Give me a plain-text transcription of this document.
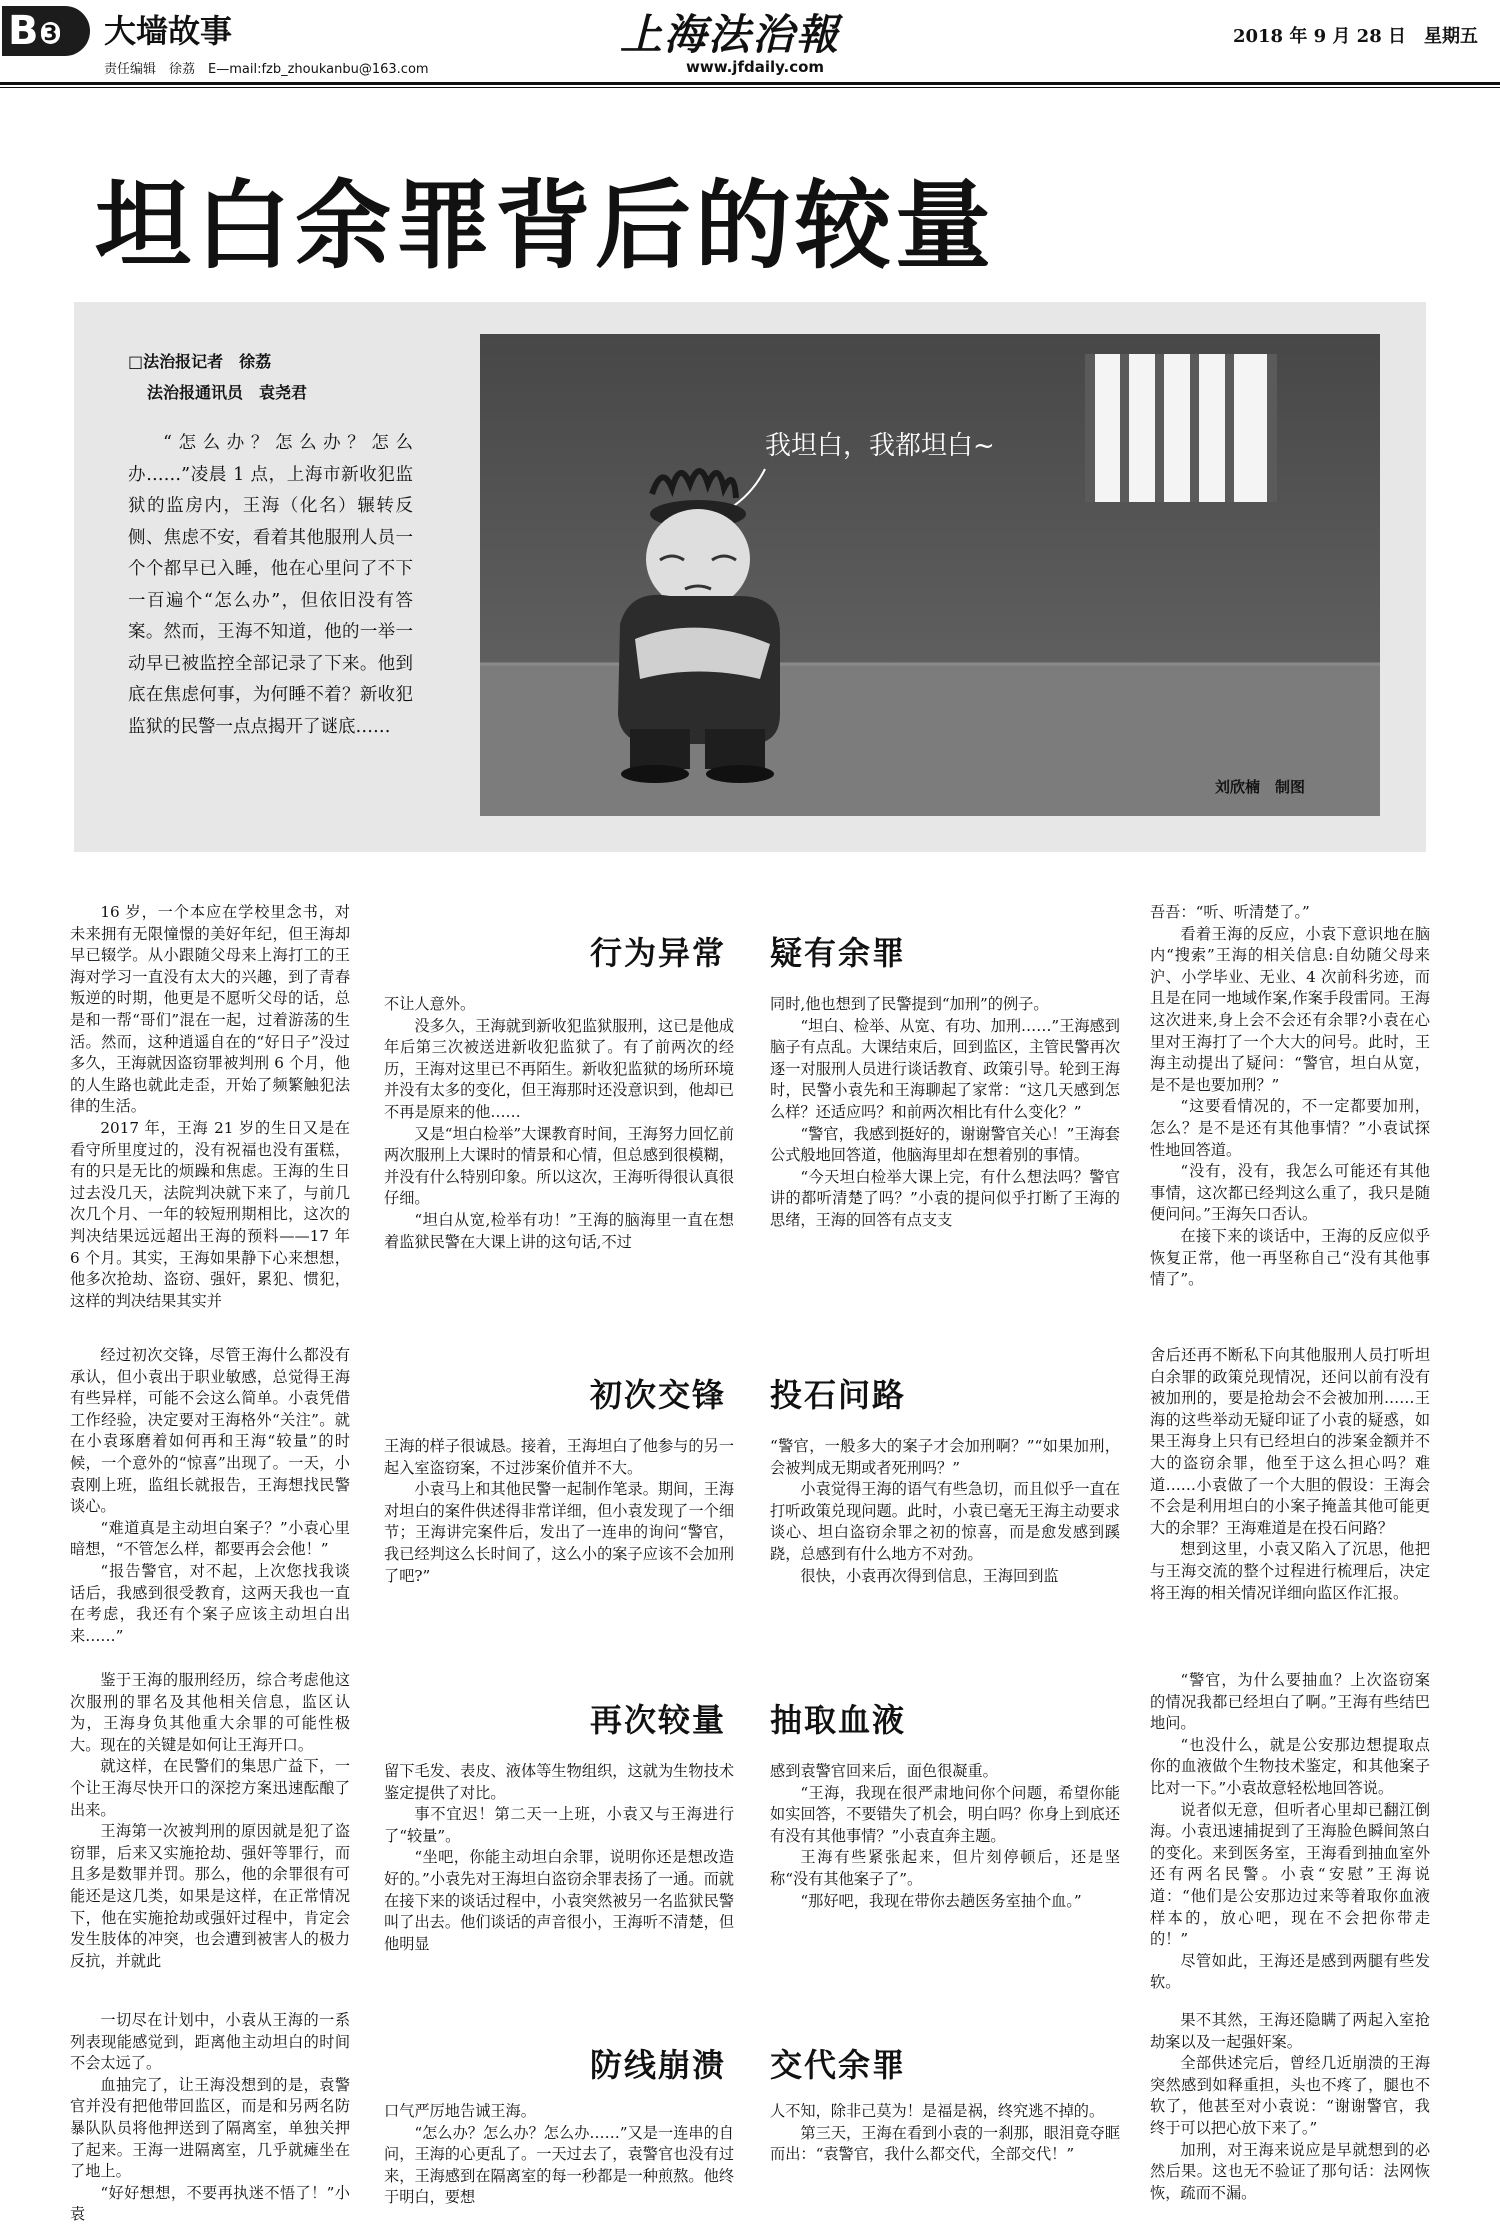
B 3	大墙故事
责任编辑　徐荔　E—mail:fzb_zhoukanbu@163.com
上海法治報
www.jfdaily.com
2018 年 9 月 28 日　星期五
坦白余罪背后的较量
□法治报记者　徐荔
法治报通讯员　袁尧君
“怎么办？怎么办？怎么办……”凌晨 1 点，上海市新收犯监狱的监房内，王海（化名）辗转反侧、焦虑不安，看着其他服刑人员一个个都早已入睡，他在心里问了不下一百遍个“怎么办”，但依旧没有答案。然而，王海不知道，他的一举一动早已被监控全部记录了下来。他到底在焦虑何事，为何睡不着？新收犯监狱的民警一点点揭开了谜底……
我坦白，我都坦白~
刘欣楠　制图
行为异常 疑有余罪

16 岁，一个本应在学校里念书，对未来拥有无限憧憬的美好年纪，但王海却早已辍学。从小跟随父母来上海打工的王海对学习一直没有太大的兴趣，到了青春叛逆的时期，他更是不愿听父母的话，总是和一帮“哥们”混在一起，过着游荡的生活。然而，这种逍遥自在的“好日子”没过多久，王海就因盗窃罪被判刑 6 个月，他的人生路也就此走歪，开始了频繁触犯法律的生活。

2017 年，王海 21 岁的生日又是在看守所里度过的，没有祝福也没有蛋糕，有的只是无比的烦躁和焦虑。王海的生日过去没几天，法院判决就下来了，与前几次几个月、一年的较短刑期相比，这次的判决结果远远超出王海的预料——17 年 6 个月。其实，王海如果静下心来想想，他多次抢劫、盗窃、强奸，累犯、惯犯，这样的判决结果其实并

不让人意外。

没多久，王海就到新收犯监狱服刑，这已是他成年后第三次被送进新收犯监狱了。有了前两次的经历，王海对这里已不再陌生。新收犯监狱的场所环境并没有太多的变化，但王海那时还没意识到，他却已不再是原来的他……

又是“坦白检举”大课教育时间，王海努力回忆前两次服刑上大课时的情景和心情，但总感到很模糊，并没有什么特别印象。所以这次，王海听得很认真很仔细。

“坦白从宽,检举有功！”王海的脑海里一直在想着监狱民警在大课上讲的这句话,不过

同时,他也想到了民警提到“加刑”的例子。

“坦白、检举、从宽、有功、加刑……”王海感到脑子有点乱。大课结束后，回到监区，主管民警再次逐一对服刑人员进行谈话教育、政策引导。轮到王海时，民警小袁先和王海聊起了家常：“这几天感到怎么样？还适应吗？和前两次相比有什么变化？”

“警官，我感到挺好的，谢谢警官关心！”王海套公式般地回答道，他脑海里却在想着别的事情。

“今天坦白检举大课上完，有什么想法吗？警官讲的都听清楚了吗？”小袁的提问似乎打断了王海的思绪，王海的回答有点支支

吾吾：“听、听清楚了。”

看着王海的反应，小袁下意识地在脑内“搜索”王海的相关信息:自幼随父母来沪、小学毕业、无业、4 次前科劣迹，而且是在同一地域作案,作案手段雷同。王海这次进来,身上会不会还有余罪?小袁在心里对王海打了一个大大的问号。此时，王海主动提出了疑问：“警官，坦白从宽，是不是也要加刑？”

“这要看情况的，不一定都要加刑，怎么？是不是还有其他事情？”小袁试探性地回答道。

“没有，没有，我怎么可能还有其他事情，这次都已经判这么重了，我只是随便问问。”王海矢口否认。

在接下来的谈话中，王海的反应似乎恢复正常，他一再坚称自己“没有其他事情了”。

初次交锋 投石问路

经过初次交锋，尽管王海什么都没有承认，但小袁出于职业敏感，总觉得王海有些异样，可能不会这么简单。小袁凭借工作经验，决定要对王海格外“关注”。就在小袁琢磨着如何再和王海“较量”的时候，一个意外的“惊喜”出现了。一天，小袁刚上班，监组长就报告，王海想找民警谈心。

“难道真是主动坦白案子？”小袁心里暗想，“不管怎么样，都要再会会他！”

“报告警官，对不起，上次您找我谈话后，我感到很受教育，这两天我也一直在考虑，我还有个案子应该主动坦白出来……”

王海的样子很诚恳。接着，王海坦白了他参与的另一起入室盗窃案，不过涉案价值并不大。

小袁马上和其他民警一起制作笔录。期间，王海对坦白的案件供述得非常详细，但小袁发现了一个细节；王海讲完案件后，发出了一连串的询问“警官，我已经判这么长时间了，这么小的案子应该不会加刑了吧?”

“警官，一般多大的案子才会加刑啊？”“如果加刑，会被判成无期或者死刑吗？”

小袁觉得王海的语气有些急切，而且似乎一直在打听政策兑现问题。此时，小袁已毫无王海主动要求谈心、坦白盗窃余罪之初的惊喜，而是愈发感到蹊跷，总感到有什么地方不对劲。

很快，小袁再次得到信息，王海回到监

舍后还再不断私下向其他服刑人员打听坦白余罪的政策兑现情况，还问以前有没有被加刑的，要是抢劫会不会被加刑……王海的这些举动无疑印证了小袁的疑惑，如果王海身上只有已经坦白的涉案金额并不大的盗窃余罪，他至于这么担心吗？难道……小袁做了一个大胆的假设：王海会不会是利用坦白的小案子掩盖其他可能更大的余罪？王海难道是在投石问路？

想到这里，小袁又陷入了沉思，他把与王海交流的整个过程进行梳理后，决定将王海的相关情况详细向监区作汇报。

再次较量 抽取血液

鉴于王海的服刑经历，综合考虑他这次服刑的罪名及其他相关信息，监区认为，王海身负其他重大余罪的可能性极大。现在的关键是如何让王海开口。

就这样，在民警们的集思广益下，一个让王海尽快开口的深挖方案迅速酝酿了出来。

王海第一次被判刑的原因就是犯了盗窃罪，后来又实施抢劫、强奸等罪行，而且多是数罪并罚。那么，他的余罪很有可能还是这几类，如果是这样，在正常情况下，他在实施抢劫或强奸过程中，肯定会发生肢体的冲突，也会遭到被害人的极力反抗，并就此

留下毛发、表皮、液体等生物组织，这就为生物技术鉴定提供了对比。

事不宜迟！第二天一上班，小袁又与王海进行了“较量”。

“坐吧，你能主动坦白余罪，说明你还是想改造好的。”小袁先对王海坦白盗窃余罪表扬了一通。而就在接下来的谈话过程中，小袁突然被另一名监狱民警叫了出去。他们谈话的声音很小，王海听不清楚，但他明显

感到袁警官回来后，面色很凝重。

“王海，我现在很严肃地问你个问题，希望你能如实回答，不要错失了机会，明白吗？你身上到底还有没有其他事情？”小袁直奔主题。

王海有些紧张起来，但片刻停顿后，还是坚称“没有其他案子了”。

“那好吧，我现在带你去趟医务室抽个血。”

“警官，为什么要抽血？上次盗窃案的情况我都已经坦白了啊。”王海有些结巴地问。

“也没什么，就是公安那边想提取点你的血液做个生物技术鉴定，和其他案子比对一下。”小袁故意轻松地回答说。

说者似无意，但听者心里却已翻江倒海。小袁迅速捕捉到了王海脸色瞬间煞白的变化。来到医务室，王海看到抽血室外还有两名民警。小袁“安慰”王海说道：“他们是公安那边过来等着取你血液样本的，放心吧，现在不会把你带走的！”

尽管如此，王海还是感到两腿有些发软。

防线崩溃 交代余罪

一切尽在计划中，小袁从王海的一系列表现能感觉到，距离他主动坦白的时间不会太远了。

血抽完了，让王海没想到的是，袁警官并没有把他带回监区，而是和另两名防暴队队员将他押送到了隔离室，单独关押了起来。王海一进隔离室，几乎就瘫坐在了地上。

“好好想想，不要再执迷不悟了！”小袁

口气严厉地告诫王海。

“怎么办？怎么办？怎么办……”又是一连串的自问，王海的心更乱了。一天过去了，袁警官也没有过来，王海感到在隔离室的每一秒都是一种煎熬。他终于明白，要想

人不知，除非己莫为！是福是祸，终究逃不掉的。

第三天，王海在看到小袁的一刹那，眼泪竟夺眶而出：“袁警官，我什么都交代，全部交代！”

果不其然，王海还隐瞒了两起入室抢劫案以及一起强奸案。

全部供述完后，曾经几近崩溃的王海突然感到如释重担，头也不疼了，腿也不软了，他甚至对小袁说：“谢谢警官，我终于可以把心放下来了。”

加刑，对王海来说应是早就想到的必然后果。这也无不验证了那句话：法网恢恢，疏而不漏。
